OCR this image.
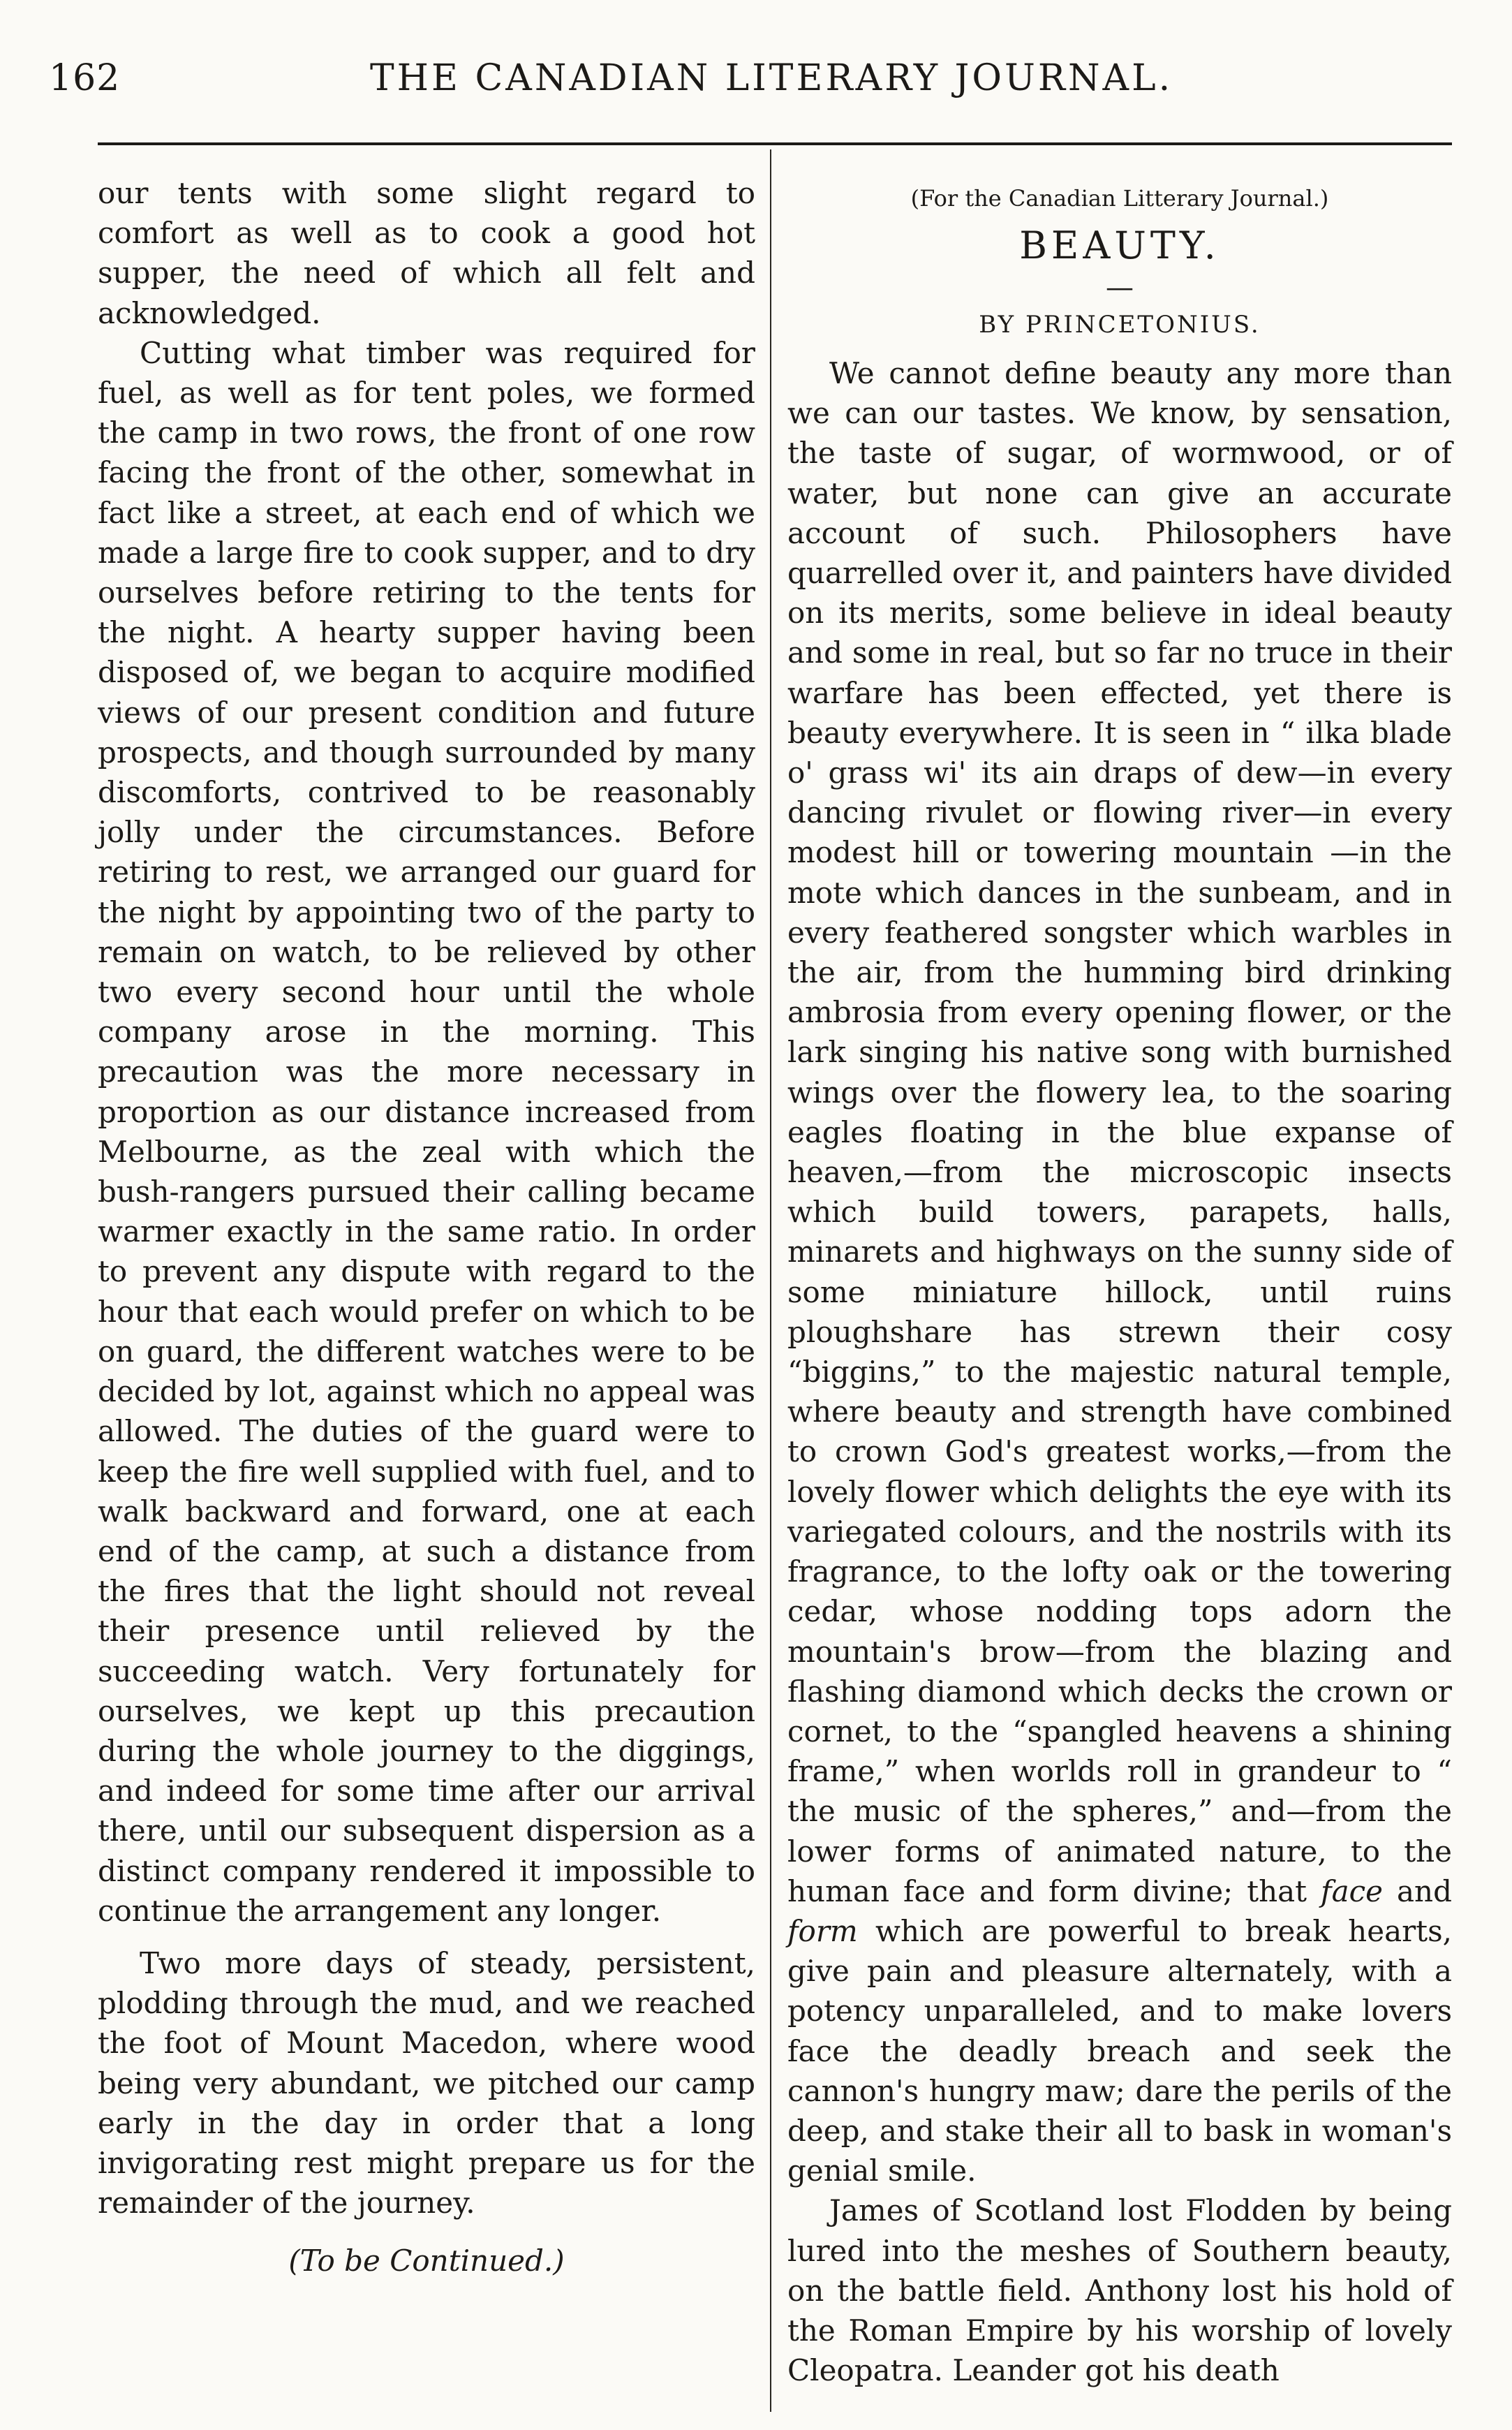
162	THE CANADIAN LITERARY JOURNAL.

our tents with some slight regard to comfort as well as to cook a good hot supper, the need of which all felt and acknowledged.

Cutting what timber was required for fuel, as well as for tent poles, we formed the camp in two rows, the front of one row facing the front of the other, somewhat in fact like a street, at each end of which we made a large fire to cook supper, and to dry ourselves before retiring to the tents for the night. A hearty supper having been disposed of, we began to acquire modified views of our present condition and future prospects, and though surrounded by many discomforts, contrived to be reasonably jolly under the circumstances. Before retiring to rest, we arranged our guard for the night by appointing two of the party to remain on watch, to be relieved by other two every second hour until the whole company arose in the morning. This precaution was the more necessary in proportion as our distance increased from Melbourne, as the zeal with which the bush-rangers pursued their calling became warmer exactly in the same ratio. In order to prevent any dispute with regard to the hour that each would prefer on which to be on guard, the different watches were to be decided by lot, against which no appeal was allowed. The duties of the guard were to keep the fire well supplied with fuel, and to walk backward and forward, one at each end of the camp, at such a distance from the fires that the light should not reveal their presence until relieved by the succeeding watch. Very fortunately for ourselves, we kept up this precaution during the whole journey to the diggings, and indeed for some time after our arrival there, until our subsequent dispersion as a distinct company rendered it impossible to continue the arrangement any longer.

Two more days of steady, persistent, plodding through the mud, and we reached the foot of Mount Macedon, where wood being very abundant, we pitched our camp early in the day in order that a long invigorating rest might prepare us for the remainder of the journey.

(To be Continued.)

(For the Canadian Litterary Journal.)
BEAUTY.
—
BY PRINCETONIUS.

We cannot define beauty any more than we can our tastes. We know, by sensation, the taste of sugar, of wormwood, or of water, but none can give an accurate account of such. Philosophers have quarrelled over it, and painters have divided on its merits, some believe in ideal beauty and some in real, but so far no truce in their warfare has been effected, yet there is beauty everywhere. It is seen in “ ilka blade o' grass wi' its ain draps of dew—in every dancing rivulet or flowing river—in every modest hill or towering mountain —in the mote which dances in the sunbeam, and in every feathered songster which warbles in the air, from the humming bird drinking ambrosia from every opening flower, or the lark singing his native song with burnished wings over the flowery lea, to the soaring eagles floating in the blue expanse of heaven,—from the microscopic insects which build towers, parapets, halls, minarets and highways on the sunny side of some miniature hillock, until ruins ploughshare has strewn their cosy “biggins,” to the majestic natural temple, where beauty and strength have combined to crown God's greatest works,—from the lovely flower which delights the eye with its variegated colours, and the nostrils with its fragrance, to the lofty oak or the towering cedar, whose nodding tops adorn the mountain's brow—from the blazing and flashing diamond which decks the crown or cornet, to the “spangled heavens a shining frame,” when worlds roll in grandeur to “ the music of the spheres,” and—from the lower forms of animated nature, to the human face and form divine; that face and form which are powerful to break hearts, give pain and pleasure alternately, with a potency unparalleled, and to make lovers face the deadly breach and seek the cannon's hungry maw; dare the perils of the deep, and stake their all to bask in woman's genial smile.

James of Scotland lost Flodden by being lured into the meshes of Southern beauty, on the battle field. Anthony lost his hold of the Roman Empire by his worship of lovely Cleopatra. Leander got his death
